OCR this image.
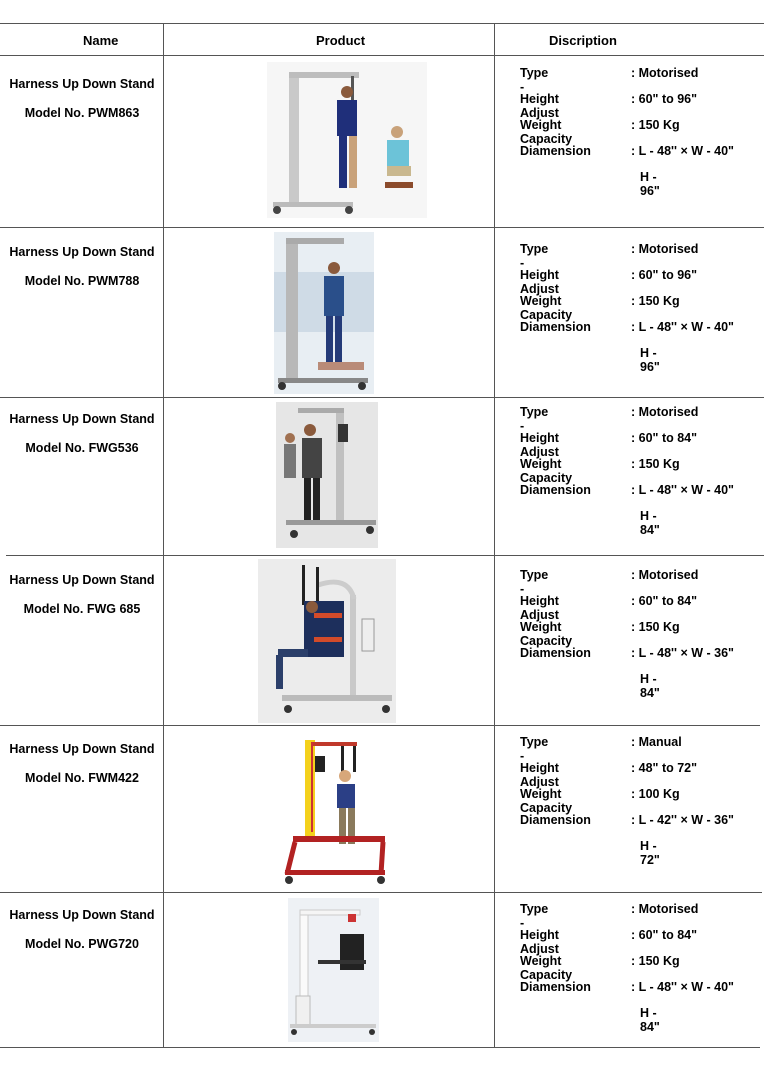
Name	Product	Discription
Harness Up Down Stand
Model No. PWM863
Type -
: Motorised
Height Adjust
: 60" to 96"
Weight Capacity
: 150 Kg
Diamension	: L - 48'' × W - 40"
H - 96"
Harness Up Down Stand
Model No. PWM788
Type -
: Motorised
Height Adjust
: 60" to 96"
Weight Capacity
: 150 Kg
Diamension	: L - 48'' × W - 40"
H - 96"
Harness Up Down Stand
Model No. FWG536
Type -
: Motorised
Height Adjust
: 60" to 84"
Weight Capacity
: 150 Kg
Diamension	: L - 48'' × W - 40"
H - 84"
Harness Up Down Stand
Model No. FWG 685
Type -
: Motorised
Height Adjust
: 60" to 84"
Weight Capacity
: 150 Kg
Diamension	: L - 48'' × W - 36"
H - 84"
Harness Up Down Stand
Model No. FWM422
Type -
: Manual
Height Adjust
: 48" to 72"
Weight Capacity
: 100 Kg
Diamension	: L - 42'' × W - 36"
H - 72"
Harness Up Down Stand
Model No. PWG720
Type -
: Motorised
Height Adjust
: 60" to 84"
Weight Capacity
: 150 Kg
Diamension	: L - 48'' × W - 40"
H - 84"
